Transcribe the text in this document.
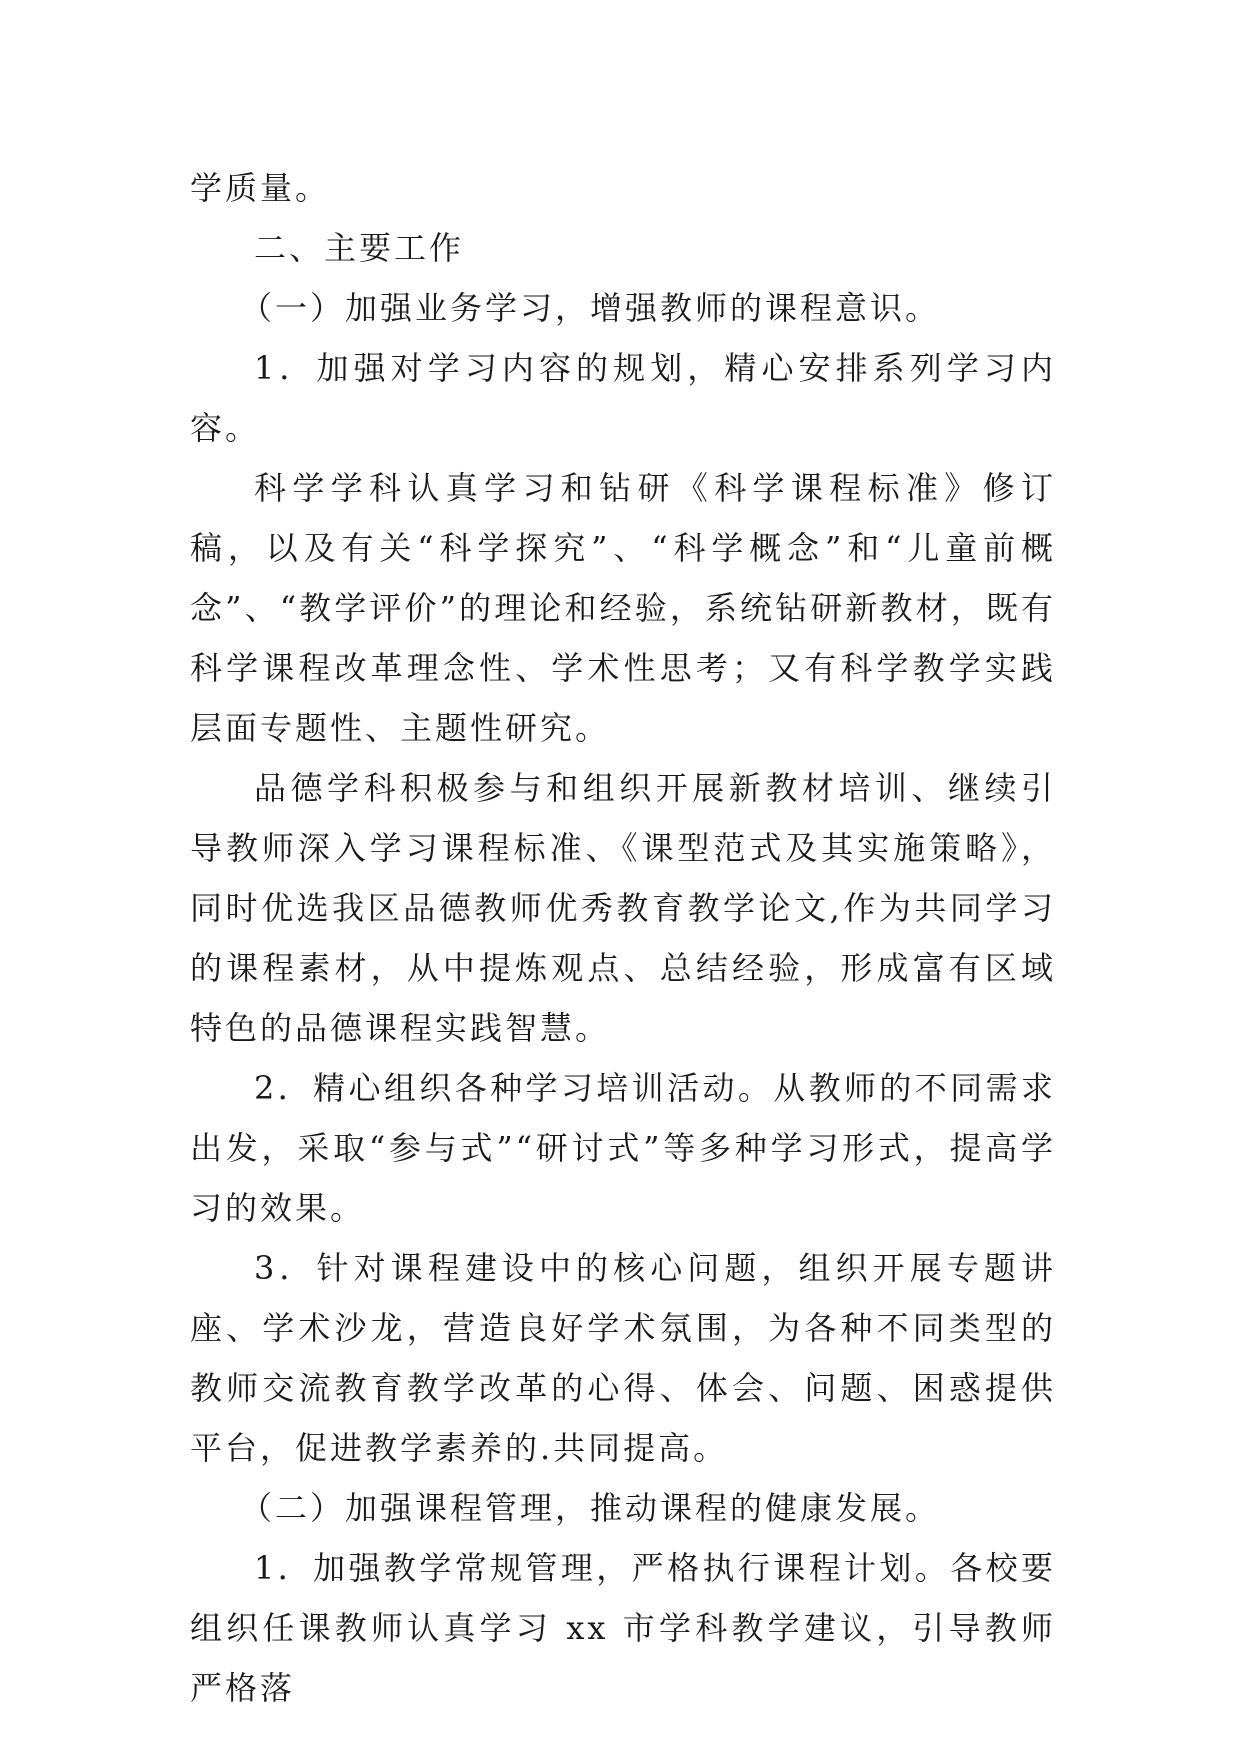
学质量。

二、主要工作

（一）加强业务学习，增强教师的课程意识。

1．加强对学习内容的规划，精心安排系列学习内容。

科学学科认真学习和钻研《科学课程标准》修订稿，以及有关“科学探究”、“科学概念”和“儿童前概念”、“教学评价”的理论和经验，系统钻研新教材，既有科学课程改革理念性、学术性思考；又有科学教学实践层面专题性、主题性研究。

品德学科积极参与和组织开展新教材培训、继续引导教师深入学习课程标准、《课型范式及其实施策略》，同时优选我区品德教师优秀教育教学论文,作为共同学习的课程素材，从中提炼观点、总结经验，形成富有区域特色的品德课程实践智慧。

2．精心组织各种学习培训活动。从教师的不同需求出发，采取“参与式”“研讨式”等多种学习形式，提高学习的效果。

3．针对课程建设中的核心问题，组织开展专题讲座、学术沙龙，营造良好学术氛围，为各种不同类型的教师交流教育教学改革的心得、体会、问题、困惑提供平台，促进教学素养的.共同提高。

（二）加强课程管理，推动课程的健康发展。

1．加强教学常规管理，严格执行课程计划。各校要组织任课教师认真学习 xx 市学科教学建议，引导教师严格落
